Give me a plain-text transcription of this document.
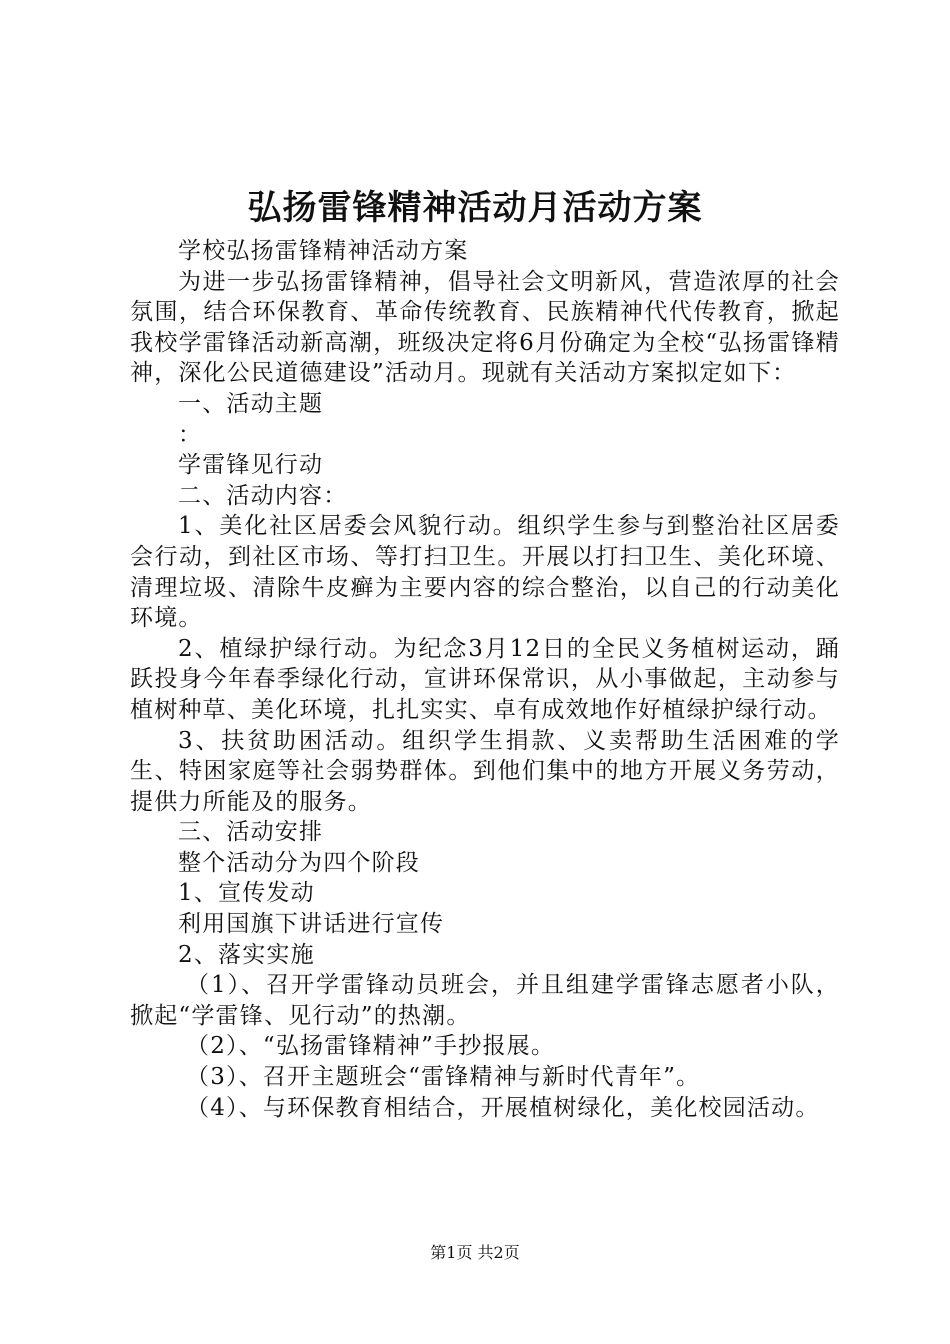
弘扬雷锋精神活动月活动方案

学校弘扬雷锋精神活动方案

为进一步弘扬雷锋精神，倡导社会文明新风，营造浓厚的社会氛围，结合环保教育、革命传统教育、民族精神代代传教育，掀起我校学雷锋活动新高潮，班级决定将6月份确定为全校“弘扬雷锋精神，深化公民道德建设”活动月。现就有关活动方案拟定如下：

一、活动主题

：

学雷锋见行动

二、活动内容：

1、美化社区居委会风貌行动。组织学生参与到整治社区居委会行动，到社区市场、等打扫卫生。开展以打扫卫生、美化环境、清理垃圾、清除牛皮癣为主要内容的综合整治，以自己的行动美化环境。

2、植绿护绿行动。为纪念3月12日的全民义务植树运动，踊跃投身今年春季绿化行动，宣讲环保常识，从小事做起，主动参与植树种草、美化环境，扎扎实实、卓有成效地作好植绿护绿行动。

3、扶贫助困活动。组织学生捐款、义卖帮助生活困难的学生、特困家庭等社会弱势群体。到他们集中的地方开展义务劳动，提供力所能及的服务。

三、活动安排

整个活动分为四个阶段

1、宣传发动

利用国旗下讲话进行宣传

2、落实实施

（1）、召开学雷锋动员班会，并且组建学雷锋志愿者小队，掀起“学雷锋、见行动”的热潮。

（2）、“弘扬雷锋精神”手抄报展。

（3）、召开主题班会“雷锋精神与新时代青年”。

（4）、与环保教育相结合，开展植树绿化，美化校园活动。

第1页 共2页
